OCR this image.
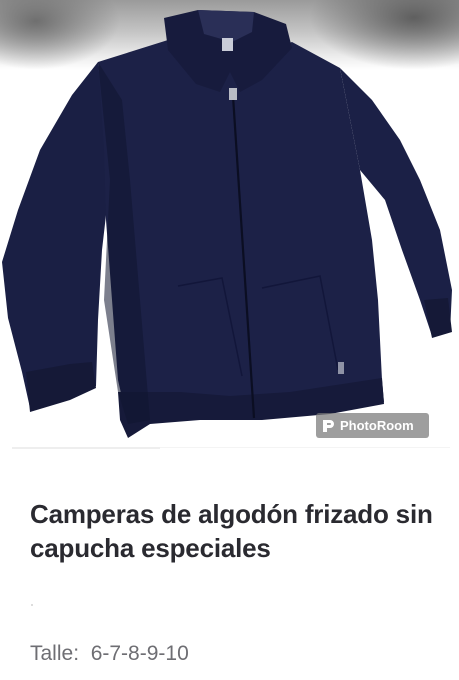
PhotoRoom
Camperas de algodón frizado sin capucha especiales
Talle: 6-7-8-9-10
